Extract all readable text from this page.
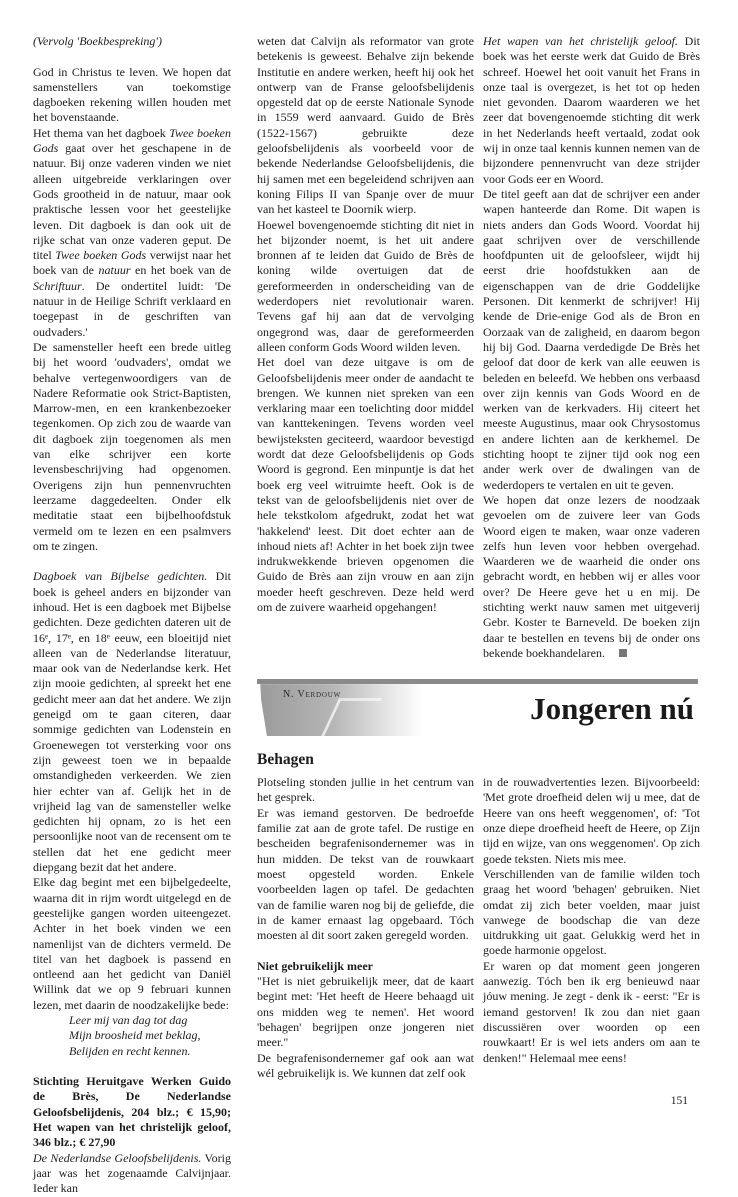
(Vervolg 'Boekbespreking')

God in Christus te leven. We hopen dat samenstellers van toekomstige dagboeken rekening willen houden met het bovenstaande.

Het thema van het dagboek Twee boeken Gods gaat over het geschapene in de natuur. Bij onze vaderen vinden we niet alleen uitgebreide verklaringen over Gods grootheid in de natuur, maar ook praktische lessen voor het geestelijke leven. Dit dagboek is dan ook uit de rijke schat van onze vaderen geput. De titel Twee boeken Gods verwijst naar het boek van de natuur en het boek van de Schriftuur. De ondertitel luidt: 'De natuur in de Heilige Schrift verklaard en toegepast in de geschriften van oudvaders.'

De samensteller heeft een brede uitleg bij het woord 'oudvaders', omdat we behalve vertegenwoordigers van de Nadere Reformatie ook Strict-Baptisten, Marrow-men, en een krankenbezoeker tegenkomen. Op zich zou de waarde van dit dagboek zijn toegenomen als men van elke schrijver een korte levensbeschrijving had opgenomen. Overigens zijn hun pennenvruchten leerzame daggedeelten. Onder elk meditatie staat een bijbelhoofdstuk vermeld om te lezen en een psalmvers om te zingen.

Dagboek van Bijbelse gedichten. Dit boek is geheel anders en bijzonder van inhoud. Het is een dagboek met Bijbelse gedichten. Deze gedichten dateren uit de 16ᵉ, 17ᵉ, en 18ᵉ eeuw, een bloeitijd niet alleen van de Nederlandse literatuur, maar ook van de Nederlandse kerk. Het zijn mooie gedichten, al spreekt het ene gedicht meer aan dat het andere. We zijn geneigd om te gaan citeren, daar sommige gedichten van Lodenstein en Groenewegen tot versterking voor ons zijn geweest toen we in bepaalde omstandigheden verkeerden. We zien hier echter van af. Gelijk het in de vrijheid lag van de samensteller welke gedichten hij opnam, zo is het een persoonlijke noot van de recensent om te stellen dat het ene gedicht meer diepgang bezit dat het andere.

Elke dag begint met een bijbelgedeelte, waarna dit in rijm wordt uitgelegd en de geestelijke gangen worden uiteengezet. Achter in het boek vinden we een namenlijst van de dichters vermeld. De titel van het dagboek is passend en ontleend aan het gedicht van Daniël Willink dat we op 9 februari kunnen lezen, met daarin de noodzakelijke bede:

Leer mij van dag tot dag
Mijn broosheid met beklag,
Belijden en recht kennen.

Stichting Heruitgave Werken Guido de Brès, De Nederlandse Geloofsbelijdenis, 204 blz.; € 15,90; Het wapen van het christelijk geloof, 346 blz.; € 27,90

De Nederlandse Geloofsbelijdenis. Vorig jaar was het zogenaamde Calvijnjaar. Ieder kan

weten dat Calvijn als reformator van grote betekenis is geweest. Behalve zijn bekende Institutie en andere werken, heeft hij ook het ontwerp van de Franse geloofsbelijdenis opgesteld dat op de eerste Nationale Synode in 1559 werd aanvaard. Guido de Brès (1522-1567) gebruikte deze geloofsbelijdenis als voorbeeld voor de bekende Nederlandse Geloofsbelijdenis, die hij samen met een begeleidend schrijven aan koning Filips II van Spanje over de muur van het kasteel te Doornik wierp.

Hoewel bovengenoemde stichting dit niet in het bijzonder noemt, is het uit andere bronnen af te leiden dat Guido de Brès de koning wilde overtuigen dat de gereformeerden in onderscheiding van de wederdopers niet revolutionair waren. Tevens gaf hij aan dat de vervolging ongegrond was, daar de gereformeerden alleen conform Gods Woord wilden leven.

Het doel van deze uitgave is om de Geloofsbelijdenis meer onder de aandacht te brengen. We kunnen niet spreken van een verklaring maar een toelichting door middel van kanttekeningen. Tevens worden veel bewijsteksten geciteerd, waardoor bevestigd wordt dat deze Geloofsbelijdenis op Gods Woord is gegrond. Een minpuntje is dat het boek erg veel witruimte heeft. Ook is de tekst van de geloofsbelijdenis niet over de hele tekstkolom afgedrukt, zodat het wat 'hakkelend' leest. Dit doet echter aan de inhoud niets af! Achter in het boek zijn twee indrukwekkende brieven opgenomen die Guido de Brès aan zijn vrouw en aan zijn moeder heeft geschreven. Deze held werd om de zuivere waarheid opgehangen!

Het wapen van het christelijk geloof. Dit boek was het eerste werk dat Guido de Brès schreef. Hoewel het ooit vanuit het Frans in onze taal is overgezet, is het tot op heden niet gevonden. Daarom waarderen we het zeer dat bovengenoemde stichting dit werk in het Nederlands heeft vertaald, zodat ook wij in onze taal kennis kunnen nemen van de bijzondere pennenvrucht van deze strijder voor Gods eer en Woord.

De titel geeft aan dat de schrijver een ander wapen hanteerde dan Rome. Dit wapen is niets anders dan Gods Woord. Voordat hij gaat schrijven over de verschillende hoofdpunten uit de geloofsleer, wijdt hij eerst drie hoofdstukken aan de eigenschappen van de drie Goddelijke Personen. Dit kenmerkt de schrijver! Hij kende de Drie-enige God als de Bron en Oorzaak van de zaligheid, en daarom begon hij bij God. Daarna verdedigde De Brès het geloof dat door de kerk van alle eeuwen is beleden en beleefd. We hebben ons verbaasd over zijn kennis van Gods Woord en de werken van de kerkvaders. Hij citeert het meeste Augustinus, maar ook Chrysostomus en andere lichten aan de kerkhemel. De stichting hoopt te zijner tijd ook nog een ander werk over de dwalingen van de wederdopers te vertalen en uit te geven.

We hopen dat onze lezers de noodzaak gevoelen om de zuivere leer van Gods Woord eigen te maken, waar onze vaderen zelfs hun leven voor hebben overgehad. Waarderen we de waarheid die onder ons gebracht wordt, en hebben wij er alles voor over? De Heere geve het u en mij. De stichting werkt nauw samen met uitgeverij Gebr. Koster te Barneveld. De boeken zijn daar te bestellen en tevens bij de onder ons bekende boekhandelaren.

N. Verdouw	Jongeren nú
Behagen

Plotseling stonden jullie in het centrum van het gesprek.

Er was iemand gestorven. De bedroefde familie zat aan de grote tafel. De rustige en bescheiden begrafenisondernemer was in hun midden. De tekst van de rouwkaart moest opgesteld worden. Enkele voorbeelden lagen op tafel. De gedachten van de familie waren nog bij de geliefde, die in de kamer ernaast lag opgebaard. Tóch moesten al dit soort zaken geregeld worden.

Niet gebruikelijk meer

"Het is niet gebruikelijk meer, dat de kaart begint met: 'Het heeft de Heere behaagd uit ons midden weg te nemen'. Het woord 'behagen' begrijpen onze jongeren niet meer."

De begrafenisondernemer gaf ook aan wat wél gebruikelijk is. We kunnen dat zelf ook

in de rouwadvertenties lezen. Bijvoorbeeld: 'Met grote droefheid delen wij u mee, dat de Heere van ons heeft weggenomen', of: 'Tot onze diepe droefheid heeft de Heere, op Zijn tijd en wijze, van ons weggenomen'. Op zich goede teksten. Niets mis mee.

Verschillenden van de familie wilden toch graag het woord 'behagen' gebruiken. Niet omdat zij zich beter voelden, maar juist vanwege de boodschap die van deze uitdrukking uit gaat. Gelukkig werd het in goede harmonie opgelost.

Er waren op dat moment geen jongeren aanwezig. Tóch ben ik erg benieuwd naar jóuw mening. Je zegt - denk ik - eerst: "Er is iemand gestorven! Ik zou dan niet gaan discussiëren over woorden op een rouwkaart! Er is wel iets anders om aan te denken!" Helemaal mee eens!

151
